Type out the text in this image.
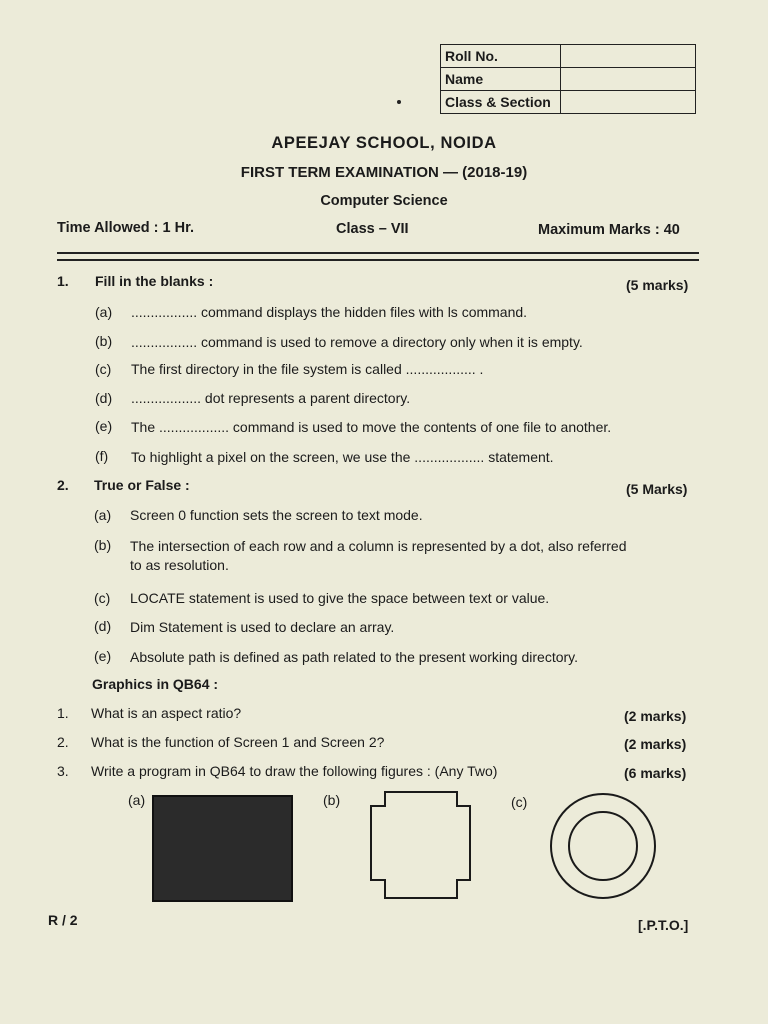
Roll No.	
Name	
Class & Section	
APEEJAY SCHOOL, NOIDA
FIRST TERM EXAMINATION — (2018-19)
Computer Science
Time Allowed : 1 Hr.	Class – VII	Maximum Marks : 40
1. Fill in the blanks :	(5 marks)
(a) ................. command displays the hidden files with ls command.
(b) ................. command is used to remove a directory only when it is empty.
(c) The first directory in the file system is called .................. .
(d) .................. dot represents a parent directory.
(e) The .................. command is used to move the contents of one file to another.
(f) To highlight a pixel on the screen, we use the .................. statement.
2. True or False :	(5 Marks)
(a) Screen 0 function sets the screen to text mode.
(b) The intersection of each row and a column is represented by a dot, also referred
to as resolution.
(c) LOCATE statement is used to give the space between text or value.
(d) Dim Statement is used to declare an array.
(e) Absolute path is defined as path related to the present working directory.
Graphics in QB64 :
1. What is an aspect ratio?	(2 marks)
2. What is the function of Screen 1 and Screen 2?	(2 marks)
3. Write a program in QB64 to draw the following figures : (Any Two)	(6 marks)
(a)	(b)	(c)
R / 2	[.P.T.O.]
